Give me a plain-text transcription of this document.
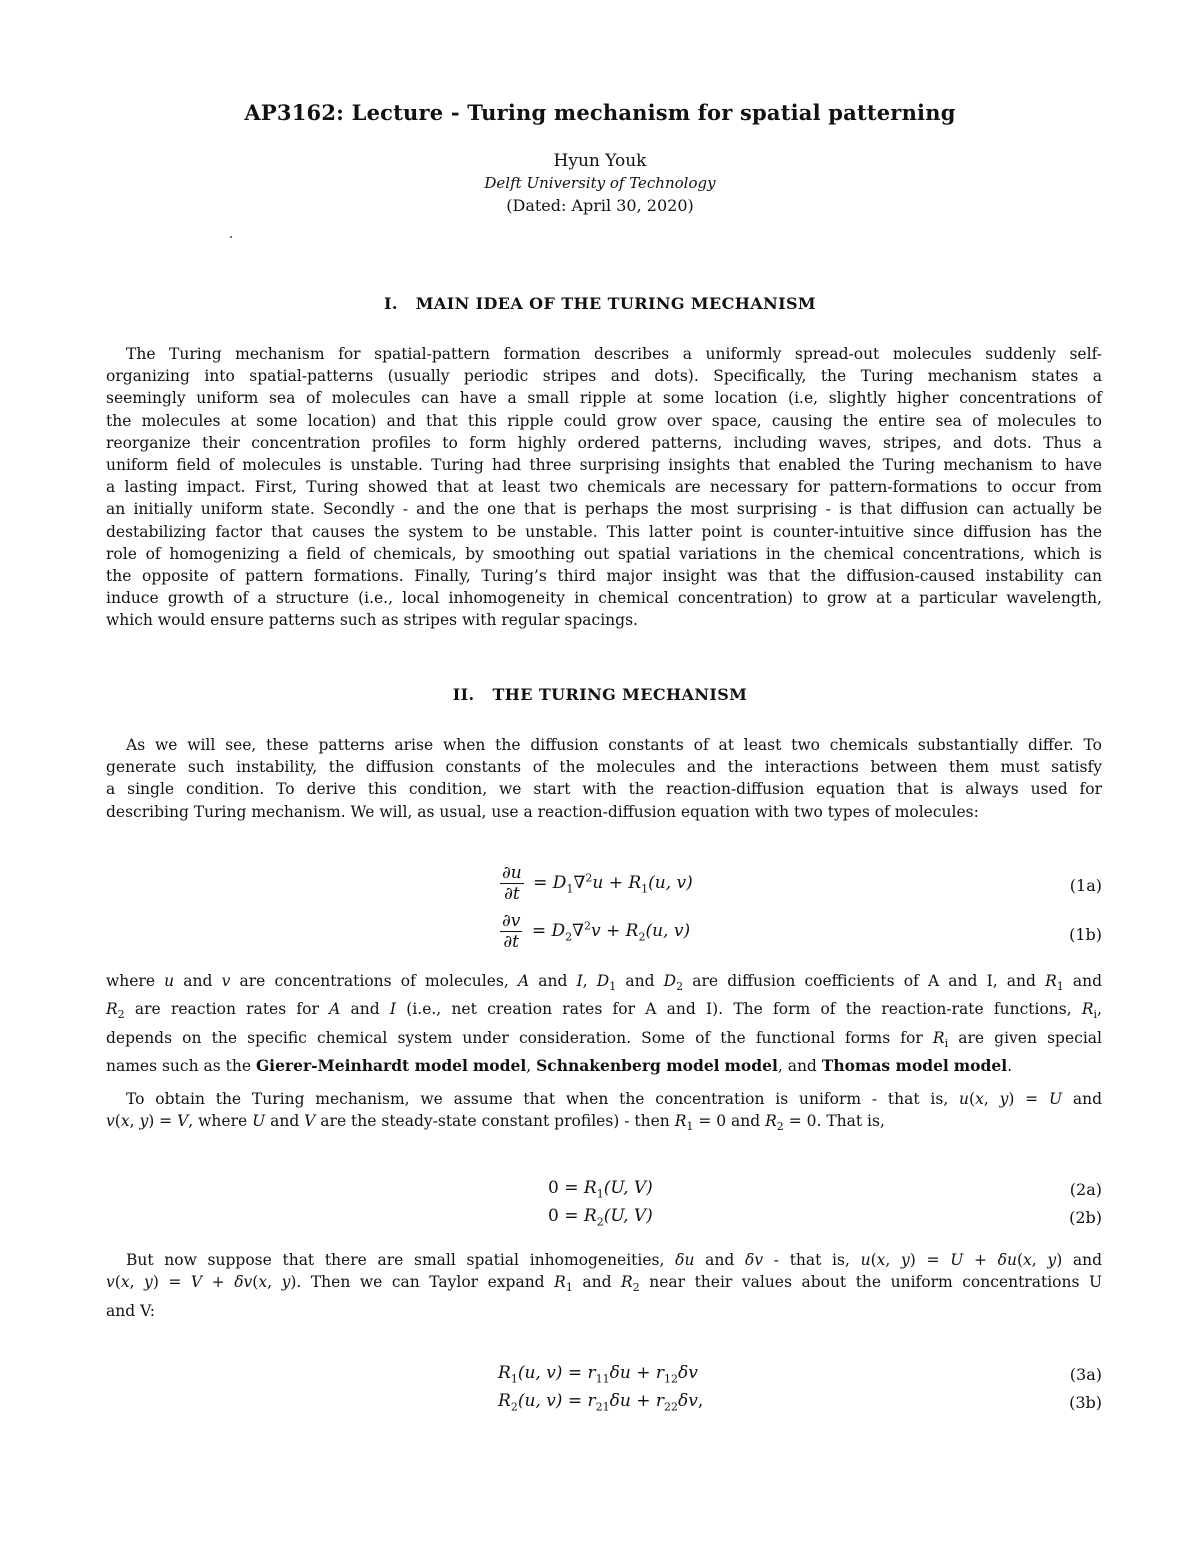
AP3162: Lecture - Turing mechanism for spatial patterning
Hyun Youk
Delft University of Technology
(Dated: April 30, 2020)
I. MAIN IDEA OF THE TURING MECHANISM
The Turing mechanism for spatial-pattern formation describes a uniformly spread-out molecules suddenly self-
organizing into spatial-patterns (usually periodic stripes and dots). Specifically, the Turing mechanism states a
seemingly uniform sea of molecules can have a small ripple at some location (i.e, slightly higher concentrations of
the molecules at some location) and that this ripple could grow over space, causing the entire sea of molecules to
reorganize their concentration profiles to form highly ordered patterns, including waves, stripes, and dots. Thus a
uniform field of molecules is unstable. Turing had three surprising insights that enabled the Turing mechanism to have
a lasting impact. First, Turing showed that at least two chemicals are necessary for pattern-formations to occur from
an initially uniform state. Secondly - and the one that is perhaps the most surprising - is that diffusion can actually be
destabilizing factor that causes the system to be unstable. This latter point is counter-intuitive since diffusion has the
role of homogenizing a field of chemicals, by smoothing out spatial variations in the chemical concentrations, which is
the opposite of pattern formations. Finally, Turing’s third major insight was that the diffusion-caused instability can
induce growth of a structure (i.e., local inhomogeneity in chemical concentration) to grow at a particular wavelength,
which would ensure patterns such as stripes with regular spacings.
II. THE TURING MECHANISM
As we will see, these patterns arise when the diffusion constants of at least two chemicals substantially differ. To
generate such instability, the diffusion constants of the molecules and the interactions between them must satisfy
a single condition. To derive this condition, we start with the reaction-diffusion equation that is always used for
describing Turing mechanism. We will, as usual, use a reaction-diffusion equation with two types of molecules:
$\frac{\partial u}{\partial t} = D_1\nabla^2u + R_1(u$, v)	(1a)
$\frac{\partial v}{\partial t} = D_2\nabla^2v + R_2(u$, v)	(1b)
where u and v are concentrations of molecules, A and I, $D_1$ and $D_2$ are diffusion coefficients of A and I, and $R_1$ and
$R_2$ are reaction rates for A and I (i.e., net creation rates for A and I). The form of the reaction-rate functions, $R_i$,
depends on the specific chemical system under consideration. Some of the functional forms for $R_i$ are given special
names such as the Gierer-Meinhardt model model, Schnakenberg model model, and Thomas model model.
To obtain the Turing mechanism, we assume that when the concentration is uniform - that is, u(x, y) = U and
v(x, y) = V, where U and V are the steady-state constant profiles) - then $R_1 = 0$ and $R_2 = 0$. That is,
$0 = R_1(U$, V)	(2a)
$0 = R_2(U$, V)	(2b)
But now suppose that there are small spatial inhomogeneities, δu and δv - that is, u(x, y) = U + δu(x, y) and
v(x, y) = V + δv(x, y). Then we can Taylor expand $R_1$ and $R_2$ near their values about the uniform concentrations U
and V:
$R_1(u$, $v) = r_{11}\delta u + r_{12}\delta v$	(3a)
$R_2(u$, $v) = r_{21}\delta u + r_{22}\delta v$,	(3b)
